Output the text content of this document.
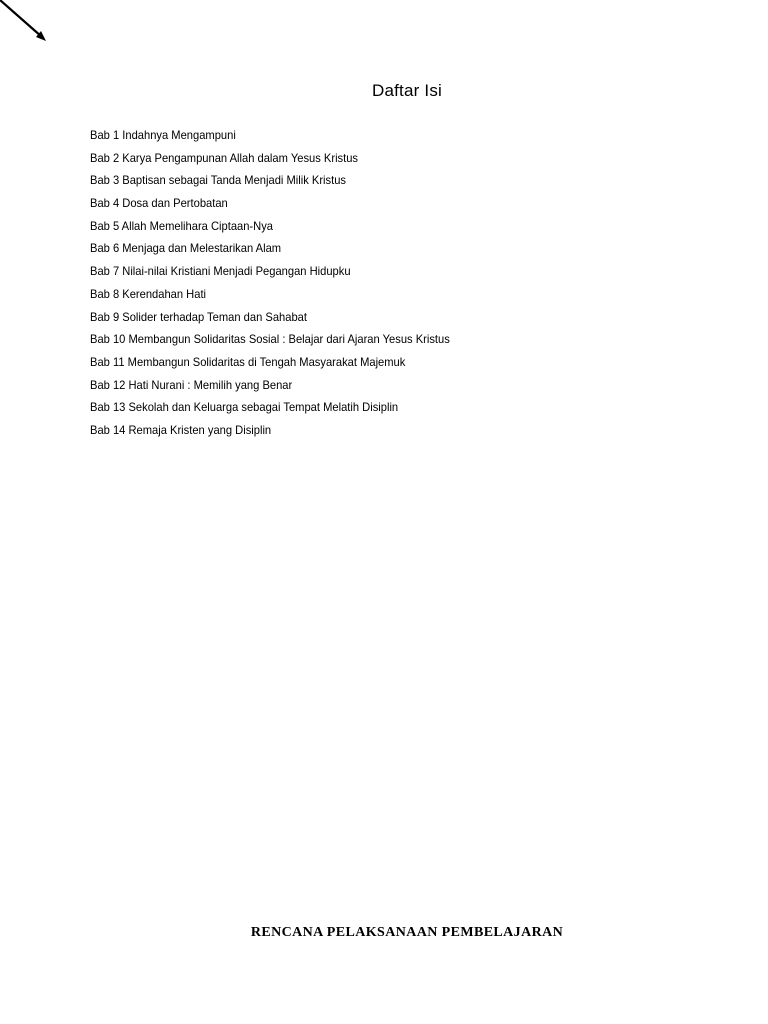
Daftar Isi
Bab 1 Indahnya Mengampuni
Bab 2 Karya Pengampunan Allah dalam Yesus Kristus
Bab 3 Baptisan sebagai Tanda Menjadi Milik Kristus
Bab 4 Dosa dan Pertobatan
Bab 5 Allah Memelihara Ciptaan-Nya
Bab 6 Menjaga dan Melestarikan Alam
Bab 7 Nilai-nilai Kristiani Menjadi Pegangan Hidupku
Bab 8 Kerendahan Hati
Bab 9 Solider terhadap Teman dan Sahabat
Bab 10 Membangun Solidaritas Sosial : Belajar dari Ajaran Yesus Kristus
Bab 11 Membangun Solidaritas di Tengah Masyarakat Majemuk
Bab 12 Hati Nurani : Memilih yang Benar
Bab 13 Sekolah dan Keluarga sebagai Tempat Melatih Disiplin
Bab 14 Remaja Kristen yang Disiplin
RENCANA PELAKSANAAN PEMBELAJARAN
